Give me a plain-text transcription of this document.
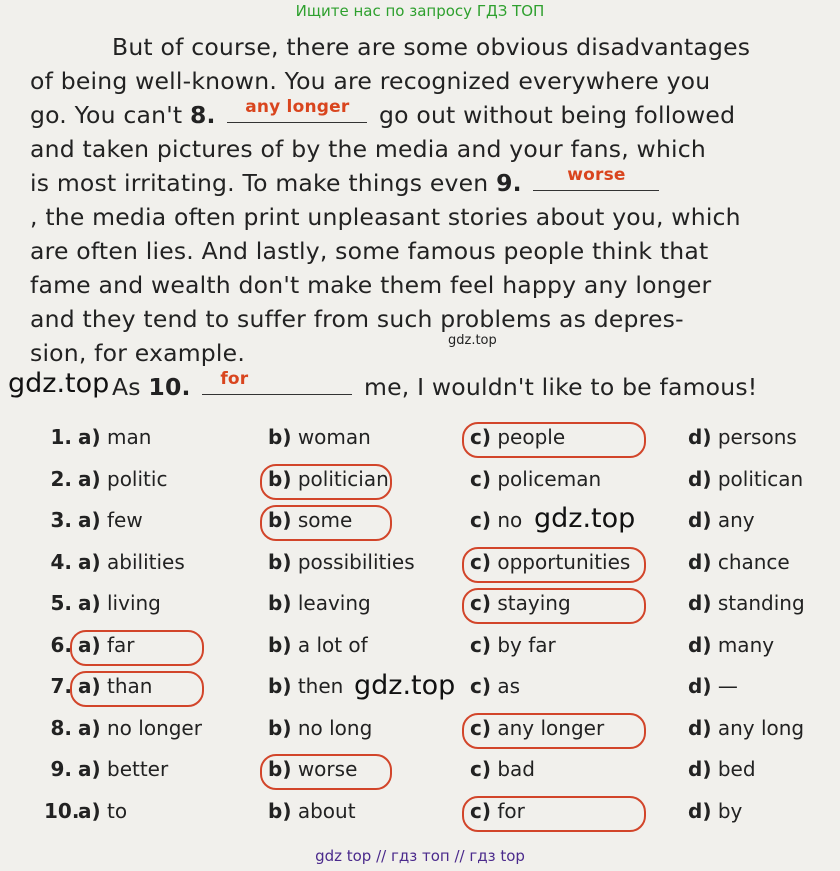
Ищите нас по запросу ГДЗ ТОП
But of course, there are some obvious disadvantages
of being well-known. You are recognized everywhere you
go. You can't 8.	any longer	go out without being followed
and taken pictures of by the media and your fans, which
is most irritating. To make things even 9.	worse
, the media often print unpleasant stories about you, which
are often lies. And lastly, some famous people think that
fame and wealth don't make them feel happy any longer
and they tend to suffer from such problems as depres-
sion, for example.
As 10.	for	me, I wouldn't like to be famous!
gdz.top
gdz.top
gdz.top
gdz.top
1. a) man	b) woman	c) people	d) persons
2. a) politic	b) politician	c) policeman	d) politican
3. a) few	b) some	c) no	d) any
4. a) abilities	b) possibilities	c) opportunities	d) chance
5. a) living	b) leaving	c) staying	d) standing
6. a) far	b) a lot of	c) by far	d) many
7. a) than	b) then	c) as	d) —
8. a) no longer	b) no long	c) any longer	d) any long
9. a) better	b) worse	c) bad	d) bed
10.a) to	b) about	c) for	d) by
gdz top // гдз топ // гдз top
